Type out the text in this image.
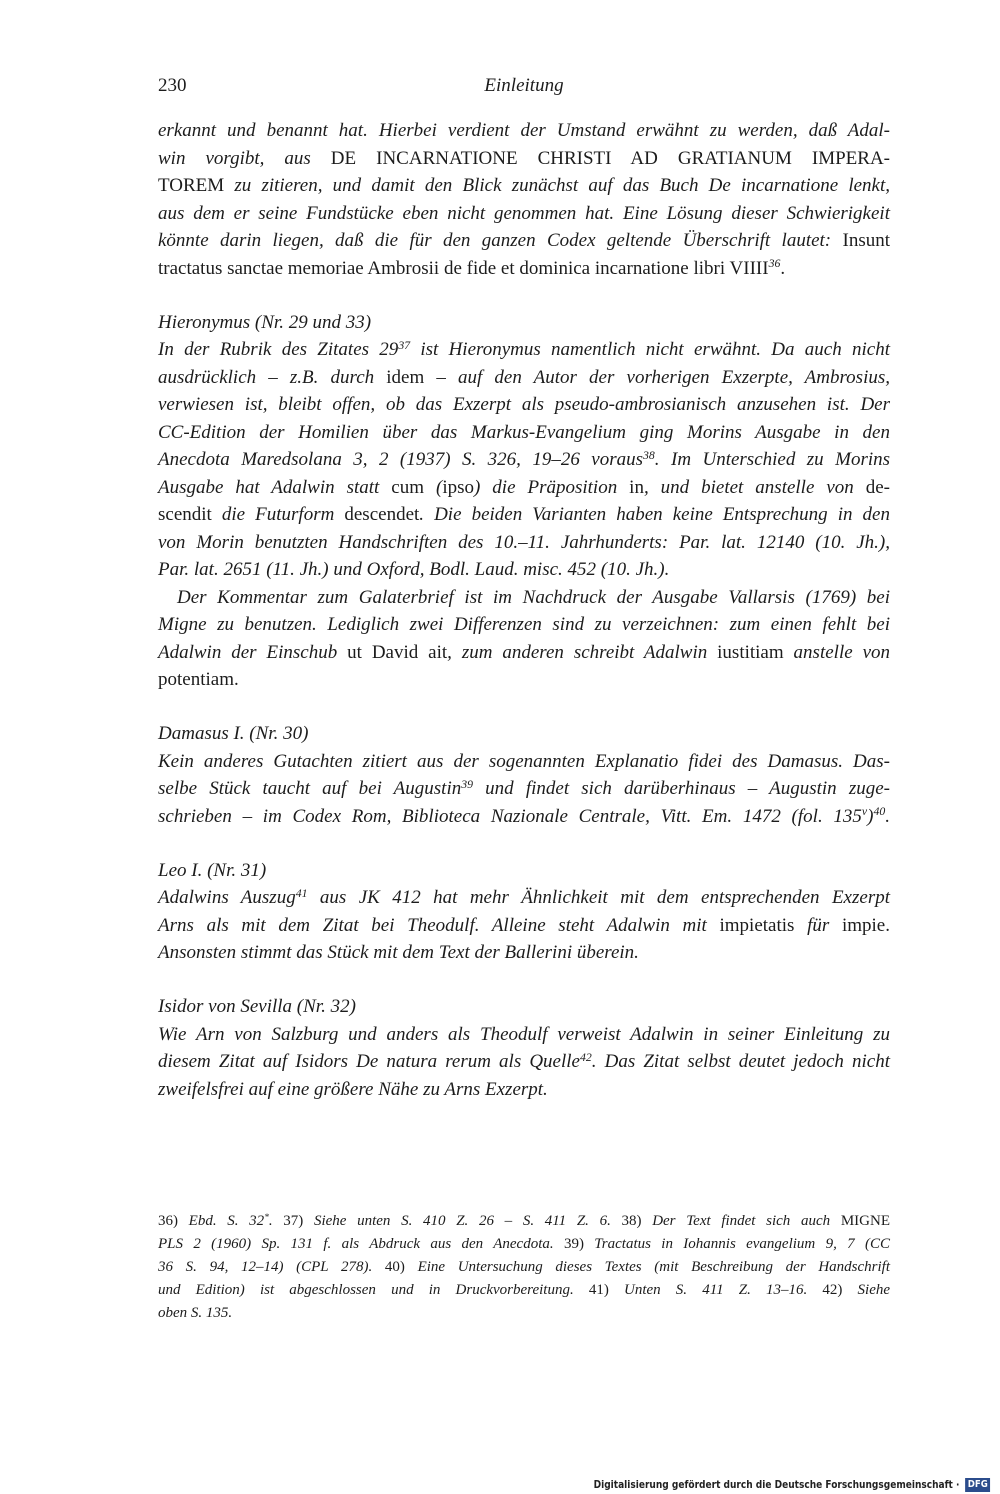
230	Einleitung
erkannt und benannt hat. Hierbei verdient der Umstand erwähnt zu werden, daß Adal-
win vorgibt, aus DE INCARNATIONE CHRISTI AD GRATIANUM IMPERA-
TOREM zu zitieren, und damit den Blick zunächst auf das Buch De incarnatione lenkt,
aus dem er seine Fundstücke eben nicht genommen hat. Eine Lösung dieser Schwierigkeit
könnte darin liegen, daß die für den ganzen Codex geltende Überschrift lautet: Insunt
tractatus sanctae memoriae Ambrosii de fide et dominica incarnatione libri VIIII$^{36}$.
Hieronymus (Nr. 29 und 33)
In der Rubrik des Zitates $29^{37}$ ist Hieronymus namentlich nicht erwähnt. Da auch nicht
ausdrücklich – z.B. durch idem – auf den Autor der vorherigen Exzerpte, Ambrosius,
verwiesen ist, bleibt offen, ob das Exzerpt als pseudo-ambrosianisch anzusehen ist. Der
CC-Edition der Homilien über das Markus-Evangelium ging Morins Ausgabe in den
Anecdota Maredsolana 3, 2 (1937) S. 326, 19–26 voraus$^{38}$. Im Unterschied zu Morins
Ausgabe hat Adalwin statt cum (ipso) die Präposition in, und bietet anstelle von de-
scendit die Futurform descendet. Die beiden Varianten haben keine Entsprechung in den
von Morin benutzten Handschriften des 10.–11. Jahrhunderts: Par. lat. 12140 (10. Jh.),
Par. lat. 2651 (11. Jh.) und Oxford, Bodl. Laud. misc. 452 (10. Jh.).
Der Kommentar zum Galaterbrief ist im Nachdruck der Ausgabe Vallarsis (1769) bei
Migne zu benutzen. Lediglich zwei Differenzen sind zu verzeichnen: zum einen fehlt bei
Adalwin der Einschub ut David ait, zum anderen schreibt Adalwin iustitiam anstelle von
potentiam.
Damasus I. (Nr. 30)
Kein anderes Gutachten zitiert aus der sogenannten Explanatio fidei des Damasus. Das-
selbe Stück taucht auf bei Augustin$^{39}$ und findet sich darüberhinaus – Augustin zuge-
schrieben – im Codex Rom, Biblioteca Nazionale Centrale, Vitt. Em. 1472 (fol. 135$^v$)$^{40}$.
Leo I. (Nr. 31)
Adalwins Auszug$^{41}$ aus JK 412 hat mehr Ähnlichkeit mit dem entsprechenden Exzerpt
Arns als mit dem Zitat bei Theodulf. Alleine steht Adalwin mit impietatis für impie.
Ansonsten stimmt das Stück mit dem Text der Ballerini überein.
Isidor von Sevilla (Nr. 32)
Wie Arn von Salzburg und anders als Theodulf verweist Adalwin in seiner Einleitung zu
diesem Zitat auf Isidors De natura rerum als Quelle$^{42}$. Das Zitat selbst deutet jedoch nicht
zweifelsfrei auf eine größere Nähe zu Arns Exzerpt.
36) Ebd. S. 32*. 37) Siehe unten S. 410 Z. 26 – S. 411 Z. 6. 38) Der Text findet sich auch MIGNE
PLS 2 (1960) Sp. 131 f. als Abdruck aus den Anecdota. 39) Tractatus in Iohannis evangelium 9, 7 (CC
36 S. 94, 12–14) (CPL 278). 40) Eine Untersuchung dieses Textes (mit Beschreibung der Handschrift
und Edition) ist abgeschlossen und in Druckvorbereitung. 41) Unten S. 411 Z. 13–16. 42) Siehe
oben S. 135.
Digitalisierung gefördert durch die Deutsche Forschungsgemeinschaft · DFG
